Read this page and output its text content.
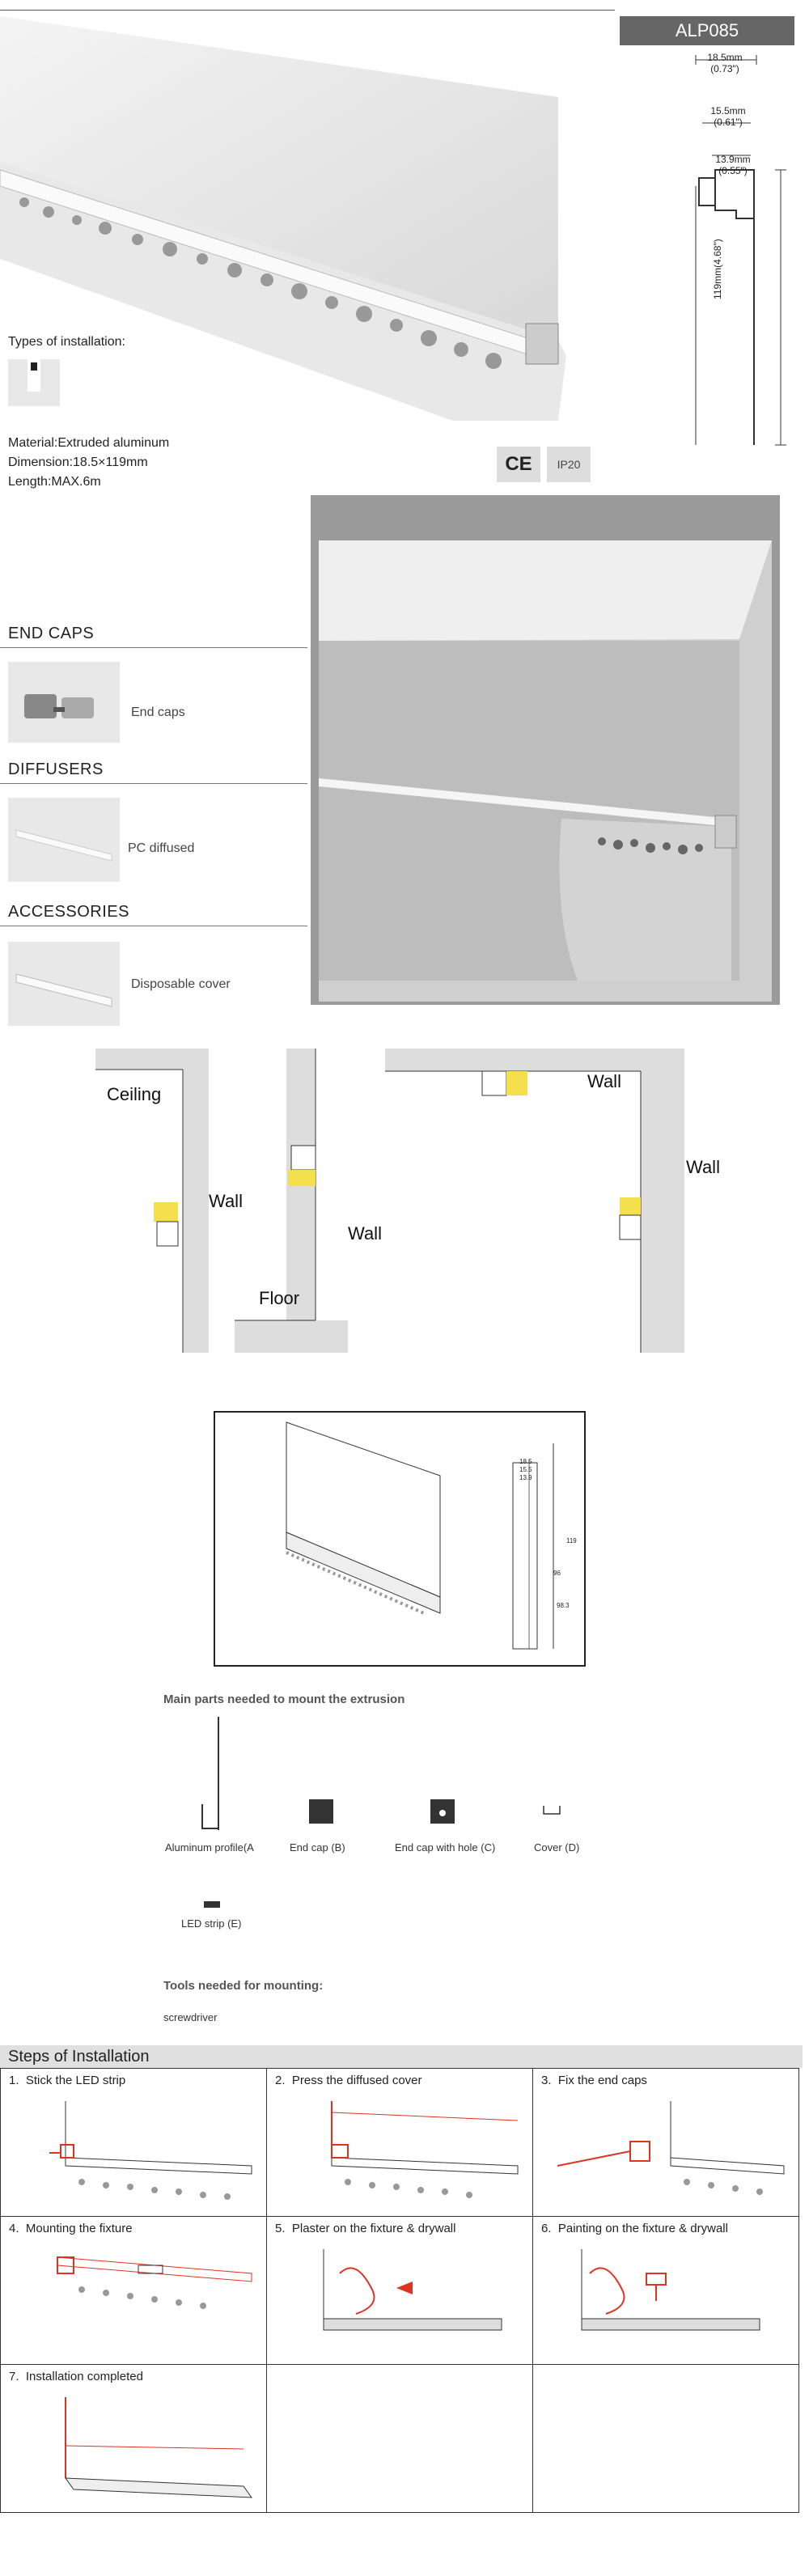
ALP085
18.5mm
(0.73")
15.5mm
(0.61")
13.9mm
(0.55")
119mm(4.68")
Types of installation:
Material:Extruded aluminum
Dimension:18.5×119mm
Length:MAX.6m
CE	IP20
END CAPS
End caps
DIFFUSERS
PC diffused
ACCESSORIES
Disposable cover
Ceiling
Wall
Wall
Floor
Wall
Wall
18.5
15.5
13.9
119
96
98.3
Main parts needed to mount the extrusion
Aluminum profile(A	End cap (B)	End cap with hole (C)	Cover (D)
LED strip (E)
Tools needed for mounting:
screwdriver
Steps of Installation
1. Stick the LED strip	2. Press the diffused cover	3. Fix the end caps

4. Mounting the fixture	5. Plaster on the fixture & drywall	6. Painting on the fixture & drywall

7. Installation completed		
